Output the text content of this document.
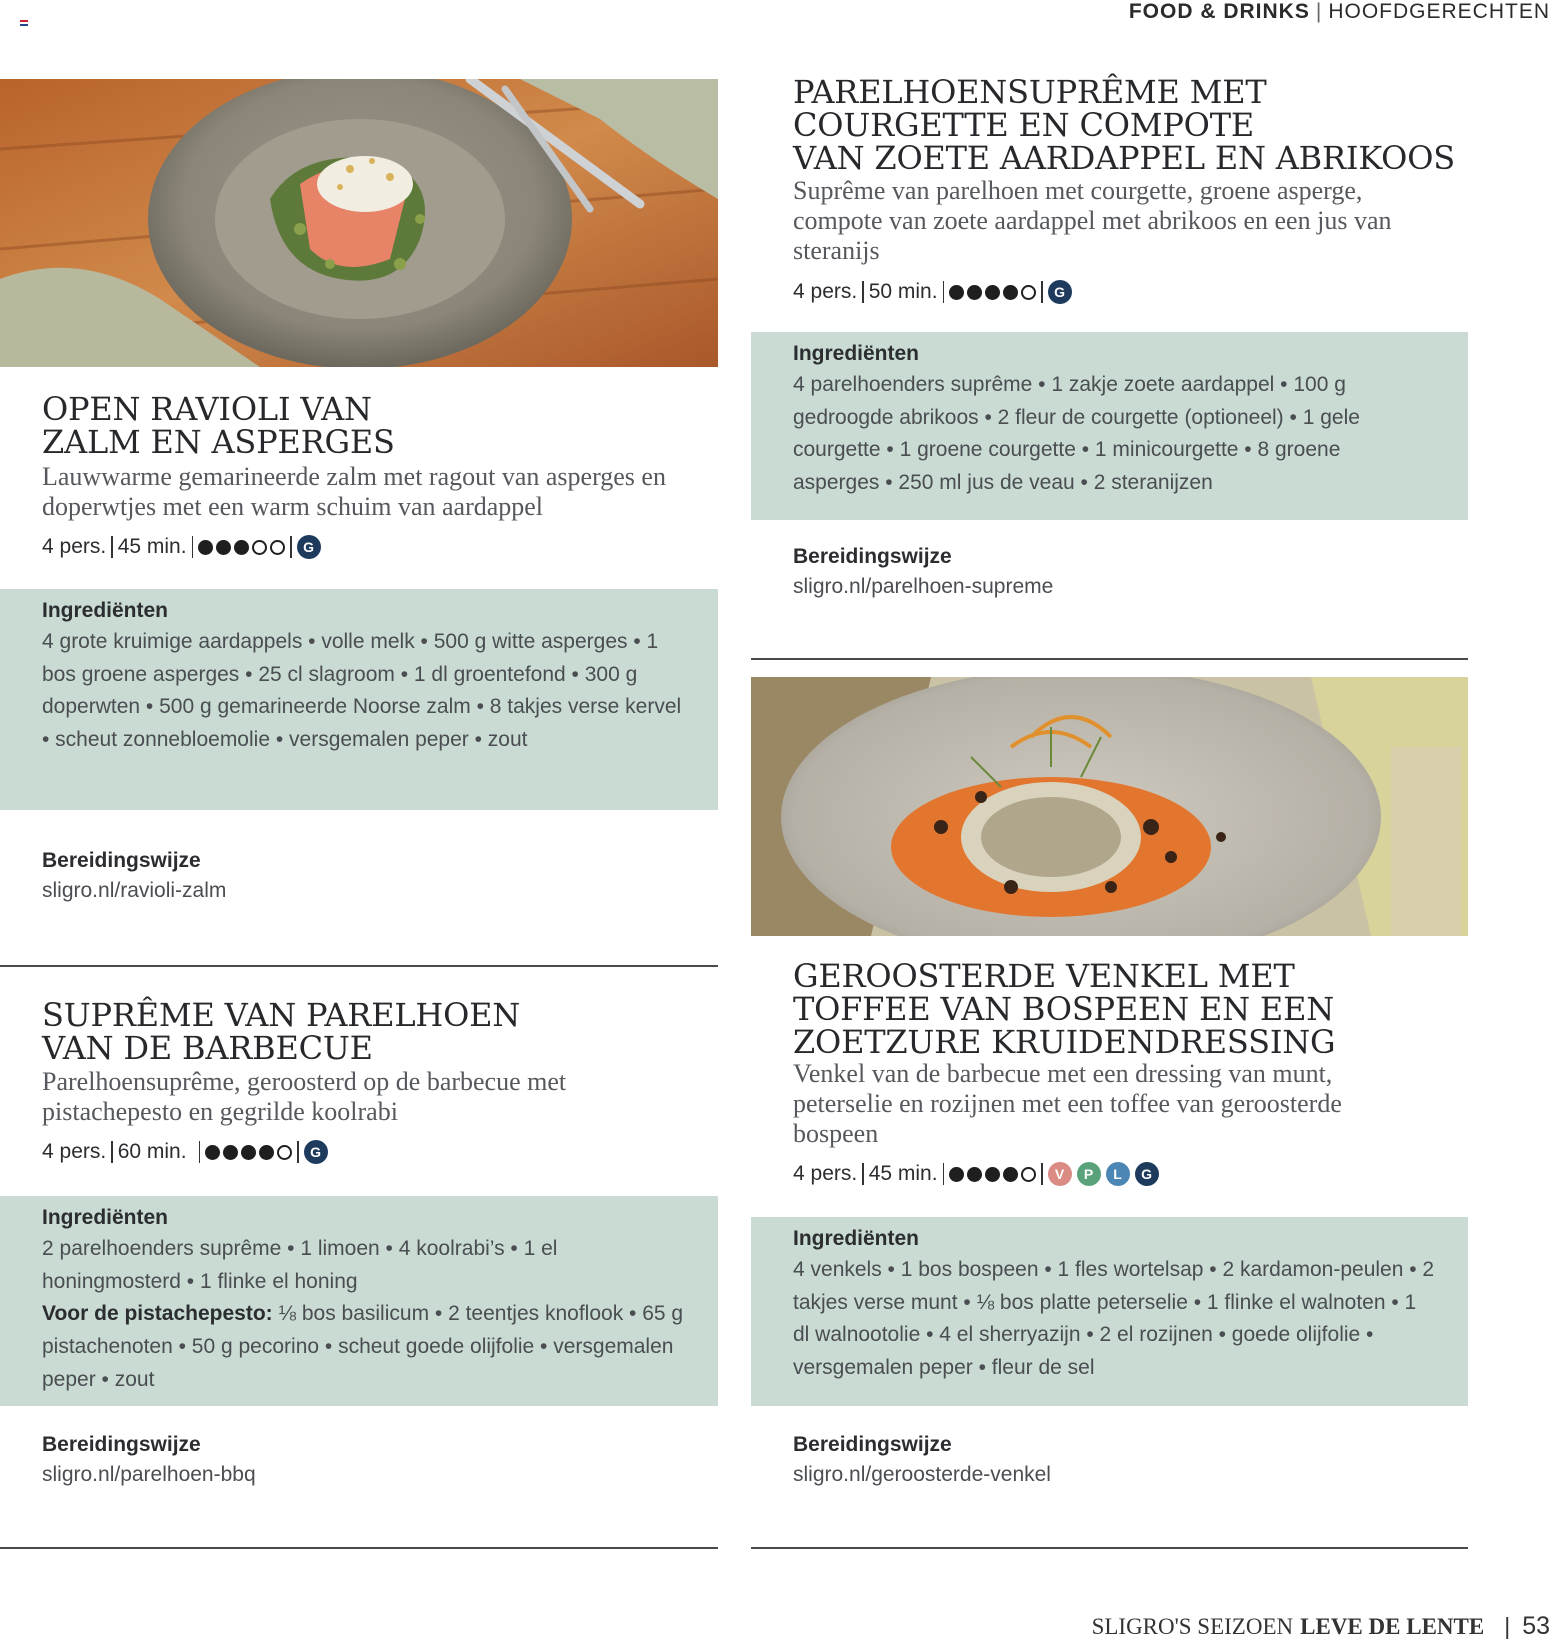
FOOD & DRINKS | HOOFDGERECHTEN
OPEN RAVIOLI VAN
ZALM EN ASPERGES
Lauwwarme gemarineerde zalm met ragout van asperges en doperwtjes met een warm schuim van aardappel
4 pers. 45 min.	G
Ingrediënten

4 grote kruimige aardappels • volle melk • 500 g witte asperges • 1 bos groene asperges • 25 cl slagroom • 1 dl groentefond • 300 g doperwten • 500 g gemarineerde Noorse zalm • 8 takjes verse kervel • scheut zonnebloemolie • versgemalen peper • zout

Bereidingswijze
sligro.nl/ravioli-zalm
SUPRÊME VAN PARELHOEN
VAN DE BARBECUE
Parelhoensuprême, geroosterd op de barbecue met pistachepesto en gegrilde koolrabi
4 pers. 60 min.	G
Ingrediënten

2 parelhoenders suprême • 1 limoen • 4 koolrabi’s • 1 el honingmosterd • 1 flinke el honing

Voor de pistachepesto: ⅛ bos basilicum • 2 teentjes knoflook • 65 g pistachenoten • 50 g pecorino • scheut goede olijfolie • versgemalen peper • zout

Bereidingswijze
sligro.nl/parelhoen-bbq
PARELHOENSUPRÊME MET
COURGETTE EN COMPOTE
VAN ZOETE AARDAPPEL EN ABRIKOOS
Suprême van parelhoen met courgette, groene asperge, compote van zoete aardappel met abrikoos en een jus van steranijs
4 pers. 50 min.	G
Ingrediënten

4 parelhoenders suprême • 1 zakje zoete aardappel • 100 g gedroogde abrikoos • 2 fleur de courgette (optioneel) • 1 gele courgette • 1 groene courgette • 1 minicourgette • 8 groene asperges • 250 ml jus de veau • 2 steranijzen

Bereidingswijze
sligro.nl/parelhoen-supreme
GEROOSTERDE VENKEL MET
TOFFEE VAN BOSPEEN EN EEN
ZOETZURE KRUIDENDRESSING
Venkel van de barbecue met een dressing van munt, peterselie en rozijnen met een toffee van geroosterde bospeen
4 pers. 45 min.	V	P	L	G
Ingrediënten

4 venkels • 1 bos bospeen • 1 fles wortelsap • 2 kardamon-peulen • 2 takjes verse munt • ⅛ bos platte peterselie • 1 flinke el walnoten • 1 dl walnootolie • 4 el sherryazijn • 2 el rozijnen • goede olijfolie • versgemalen peper • fleur de sel

Bereidingswijze
sligro.nl/geroosterde-venkel
SLIGRO'S SEIZOEN LEVE DE LENTE | 53
